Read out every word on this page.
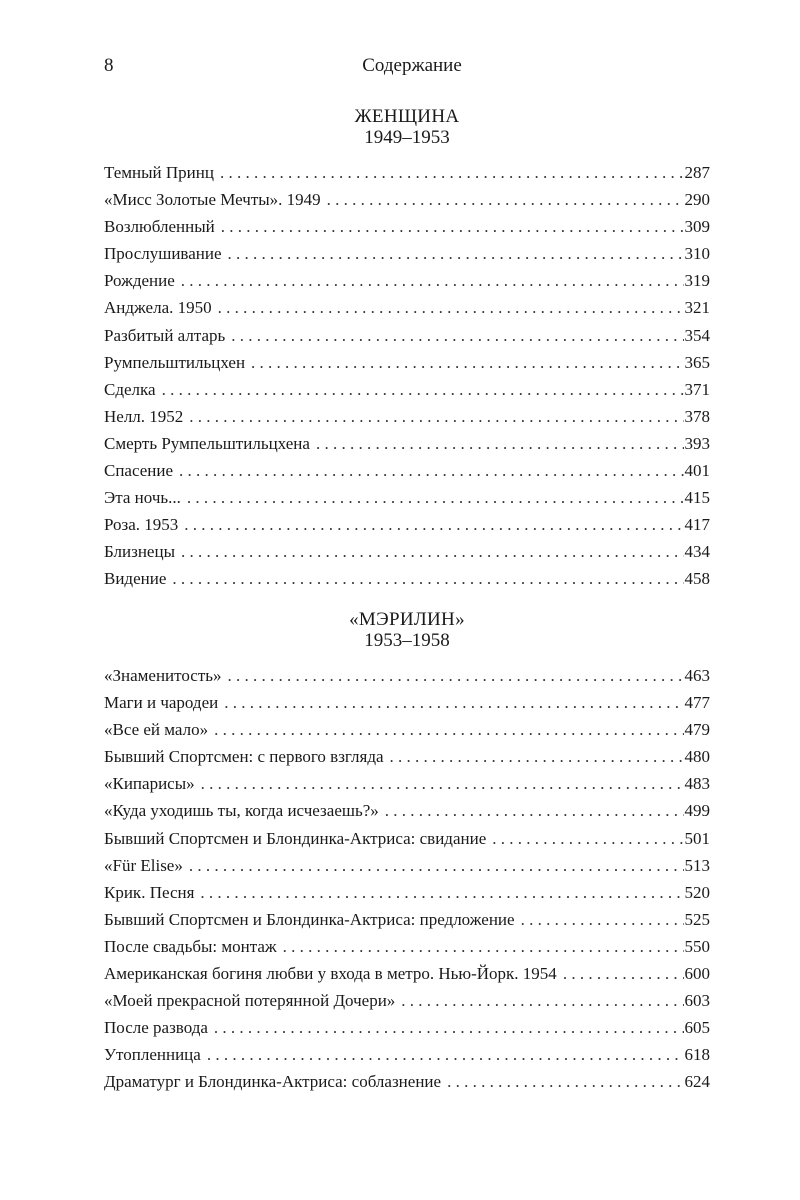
8	Содержание
ЖЕНЩИНА
1949–1953
Темный Принц . . .	287
«Мисс Золотые Мечты». 1949 . . .	290
Возлюбленный . . .	309
Прослушивание . . .	310
Рождение . . .	319
Анджела. 1950 . . .	321
Разбитый алтарь . . .	354
Румпельштильцхен . . .	365
Сделка . . .	371
Нелл. 1952 . . .	378
Смерть Румпельштильцхена . . .	393
Спасение . . .	401
Эта ночь... . . .	415
Роза. 1953 . . .	417
Близнецы . . .	434
Видение . . .	458
«МЭРИЛИН»
1953–1958
«Знаменитость» . . .	463
Маги и чародеи . . .	477
«Все ей мало» . . .	479
Бывший Спортсмен: с первого взгляда . . .	480
«Кипарисы» . . .	483
«Куда уходишь ты, когда исчезаешь?» . . .	499
Бывший Спортсмен и Блондинка-Актриса: свидание . . .	501
«Für Elise» . . .	513
Крик. Песня . . .	520
Бывший Спортсмен и Блондинка-Актриса: предложение . . .	525
После свадьбы: монтаж . . .	550
Американская богиня любви у входа в метро. Нью-Йорк. 1954 . . .	600
«Моей прекрасной потерянной Дочери» . . .	603
После развода . . .	605
Утопленница . . .	618
Драматург и Блондинка-Актриса: соблазнение . . .	624
